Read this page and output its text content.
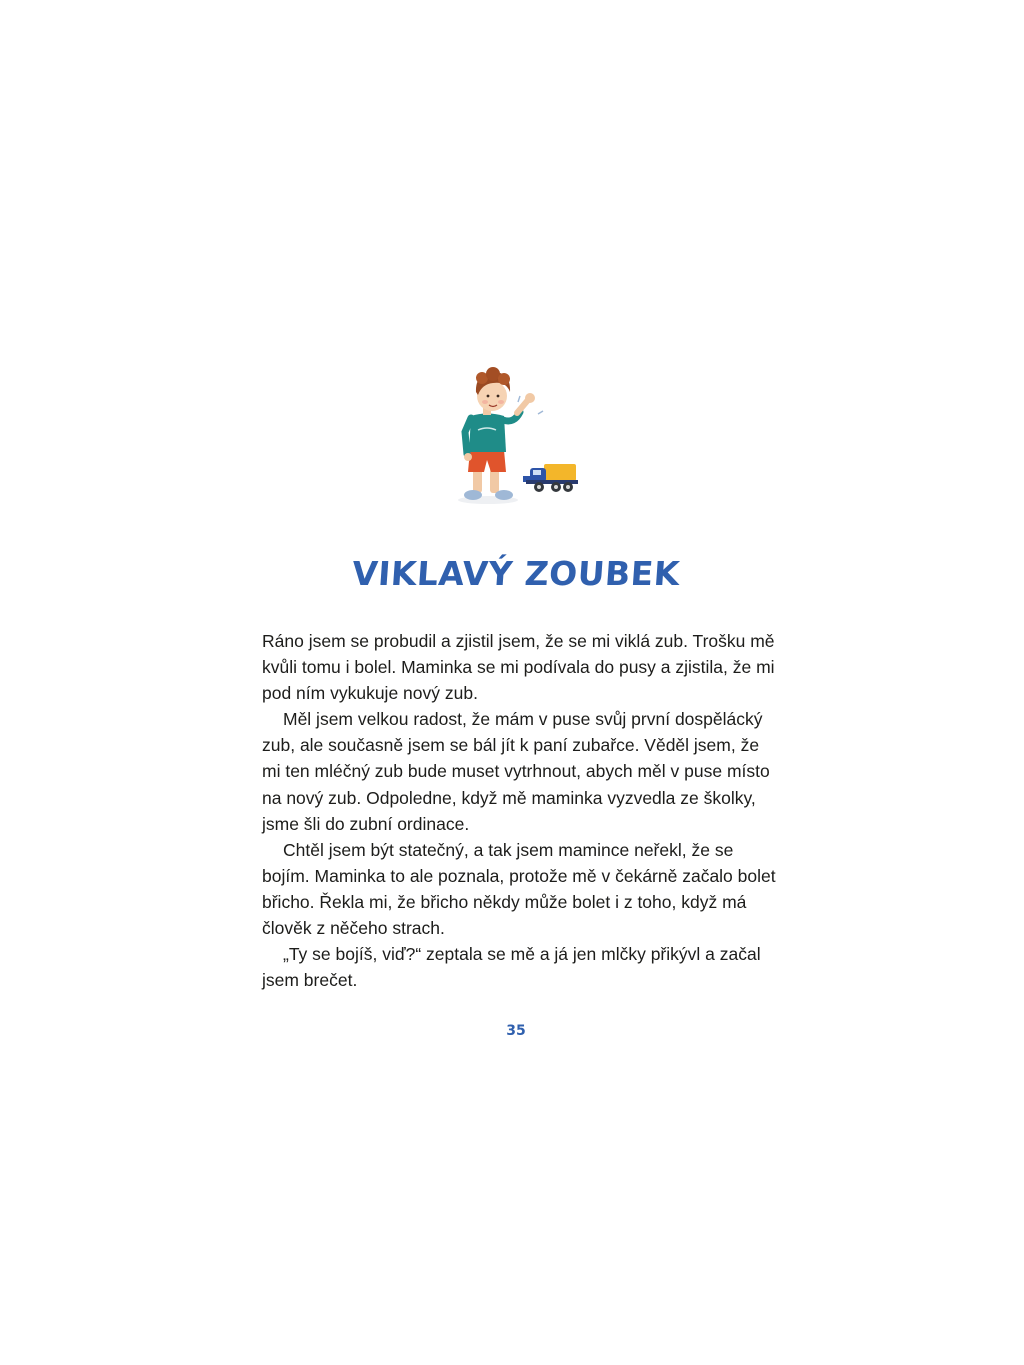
VIKLAVÝ ZOUBEK

Ráno jsem se probudil a zjistil jsem, že se mi viklá zub. Trošku mě kvůli tomu i bolel. Maminka se mi podívala do pusy a zjistila, že mi pod ním vykukuje nový zub.

Měl jsem velkou radost, že mám v puse svůj první dospělácký zub, ale současně jsem se bál jít k paní zubařce. Věděl jsem, že mi ten mléčný zub bude muset vytrhnout, abych měl v puse místo na nový zub. Odpoledne, když mě maminka vyzvedla ze školky, jsme šli do zubní ordinace.

Chtěl jsem být statečný, a tak jsem mamince neřekl, že se bojím. Maminka to ale poznala, protože mě v čekárně začalo bolet břicho. Řekla mi, že břicho někdy může bolet i z toho, když má člověk z něčeho strach.

„Ty se bojíš, viď?“ zeptala se mě a já jen mlčky přikývl a začal jsem brečet.

35
